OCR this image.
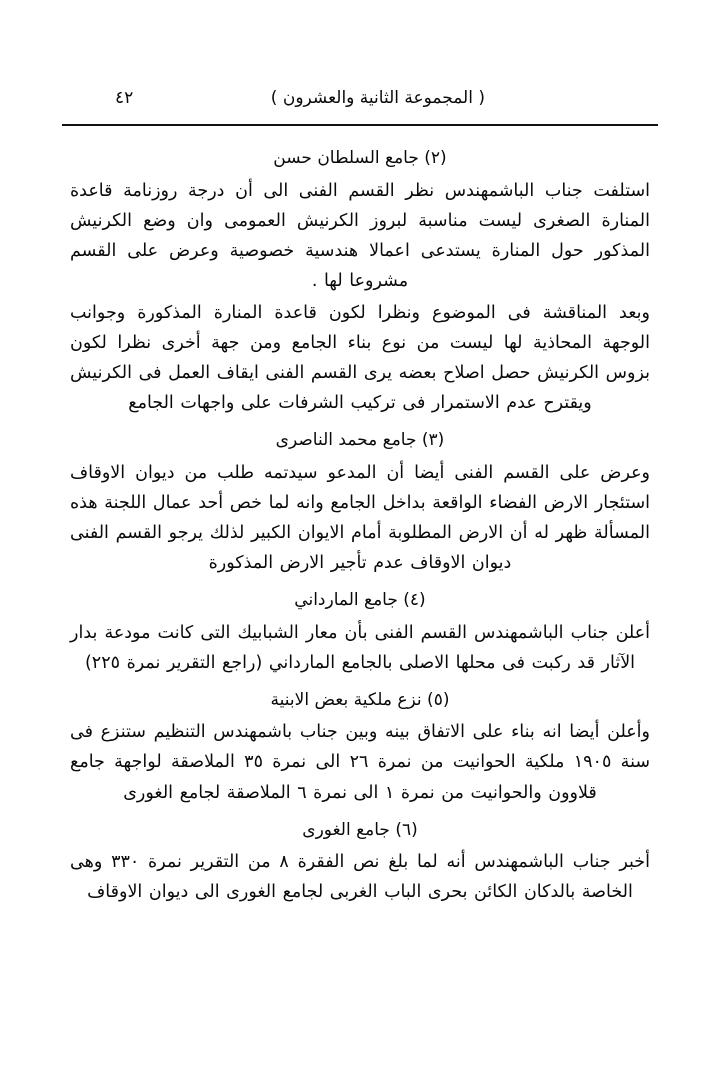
( المجموعة الثانية والعشرون )
٤٢
(٢) جامع السلطان حسن

استلفت جناب الباشمهندس نظر القسم الفنى الى أن درجة روزنامة قاعدة المنارة الصغرى ليست مناسبة لبروز الكرنيش العمومى وان وضع الكرنيش المذكور حول المنارة يستدعى اعمالا هندسية خصوصية وعرض على القسم مشروعا لها .

وبعد المناقشة فى الموضوع ونظرا لكون قاعدة المنارة المذكورة وجوانب الوجهة المحاذية لها ليست من نوع بناء الجامع ومن جهة أخرى نظرا لكون بزوس الكرنيش حصل اصلاح بعضه يرى القسم الفنى ايقاف العمل فى الكرنيش ويقترح عدم الاستمرار فى تركيب الشرفات على واجهات الجامع

(٣) جامع محمد الناصرى

وعرض على القسم الفنى أيضا أن المدعو سيدتمه طلب من ديوان الاوقاف استئجار الارض الفضاء الواقعة بداخل الجامع وانه لما خص أحد عمال اللجنة هذه المسألة ظهر له أن الارض المطلوبة أمام الايوان الكبير لذلك يرجو القسم الفنى ديوان الاوقاف عدم تأجير الارض المذكورة

(٤) جامع المارداني

أعلن جناب الباشمهندس القسم الفنى بأن معار الشبابيك التى كانت مودعة بدار الآثار قد ركبت فى محلها الاصلى بالجامع المارداني (راجع التقرير نمرة ٢٢٥)

(٥) نزع ملكية بعض الابنية

وأعلن أيضا انه بناء على الاتفاق بينه وبين جناب باشمهندس التنظيم ستنزع فى سنة ١٩٠٥ ملكية الحوانيت من نمرة ٢٦ الى نمرة ٣٥ الملاصقة لواجهة جامع قلاوون والحوانيت من نمرة ١ الى نمرة ٦ الملاصقة لجامع الغورى

(٦) جامع الغورى

أخبر جناب الباشمهندس أنه لما بلغ نص الفقرة ٨ من التقرير نمرة ٣٣٠ وهى الخاصة بالدكان الكائن بحرى الباب الغربى لجامع الغورى الى ديوان الاوقاف
